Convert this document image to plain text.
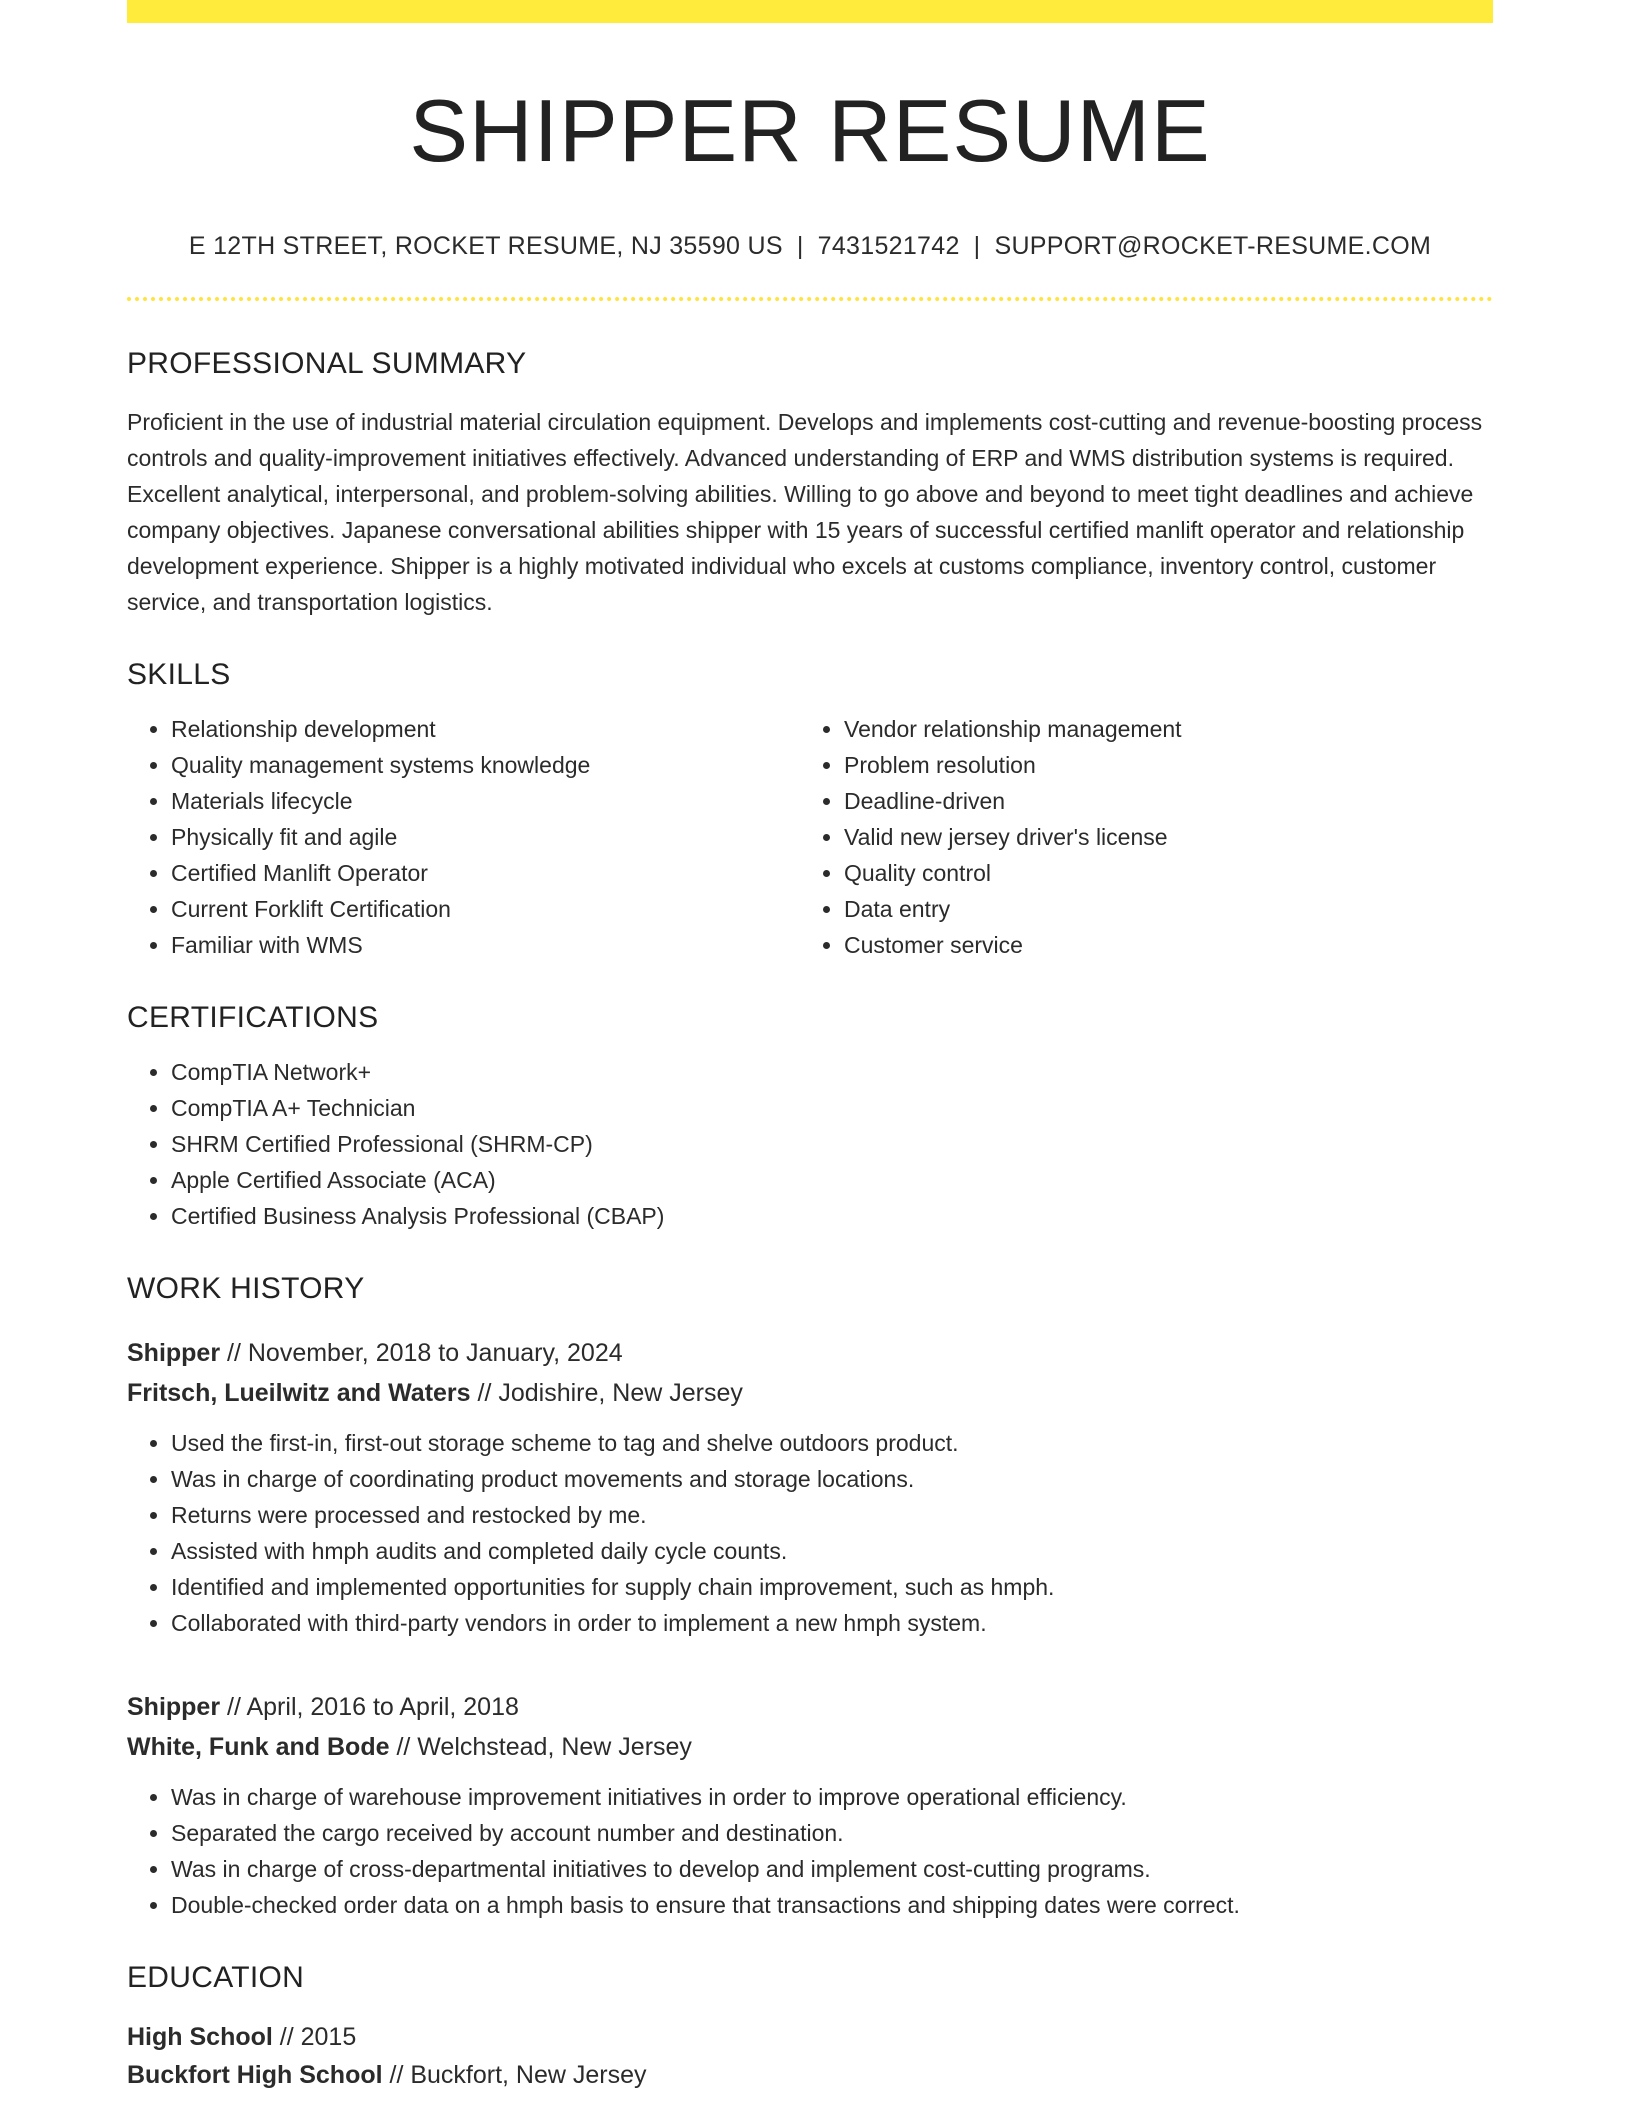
SHIPPER RESUME
E 12TH STREET, ROCKET RESUME, NJ 35590 US | 7431521742 | SUPPORT@ROCKET-RESUME.COM
PROFESSIONAL SUMMARY
Proficient in the use of industrial material circulation equipment. Develops and implements cost-cutting and revenue-boosting process controls and quality-improvement initiatives effectively. Advanced understanding of ERP and WMS distribution systems is required. Excellent analytical, interpersonal, and problem-solving abilities. Willing to go above and beyond to meet tight deadlines and achieve company objectives. Japanese conversational abilities shipper with 15 years of successful certified manlift operator and relationship development experience. Shipper is a highly motivated individual who excels at customs compliance, inventory control, customer service, and transportation logistics.
SKILLS
• Relationship development
• Quality management systems knowledge
• Materials lifecycle
• Physically fit and agile
• Certified Manlift Operator
• Current Forklift Certification
• Familiar with WMS
• Vendor relationship management
• Problem resolution
• Deadline-driven
• Valid new jersey driver's license
• Quality control
• Data entry
• Customer service
CERTIFICATIONS
• CompTIA Network+
• CompTIA A+ Technician
• SHRM Certified Professional (SHRM-CP)
• Apple Certified Associate (ACA)
• Certified Business Analysis Professional (CBAP)
WORK HISTORY
Shipper // November, 2018 to January, 2024
Fritsch, Lueilwitz and Waters // Jodishire, New Jersey
• Used the first-in, first-out storage scheme to tag and shelve outdoors product.
• Was in charge of coordinating product movements and storage locations.
• Returns were processed and restocked by me.
• Assisted with hmph audits and completed daily cycle counts.
• Identified and implemented opportunities for supply chain improvement, such as hmph.
• Collaborated with third-party vendors in order to implement a new hmph system.
Shipper // April, 2016 to April, 2018
White, Funk and Bode // Welchstead, New Jersey
• Was in charge of warehouse improvement initiatives in order to improve operational efficiency.
• Separated the cargo received by account number and destination.
• Was in charge of cross-departmental initiatives to develop and implement cost-cutting programs.
• Double-checked order data on a hmph basis to ensure that transactions and shipping dates were correct.
EDUCATION
High School // 2015
Buckfort High School // Buckfort, New Jersey
